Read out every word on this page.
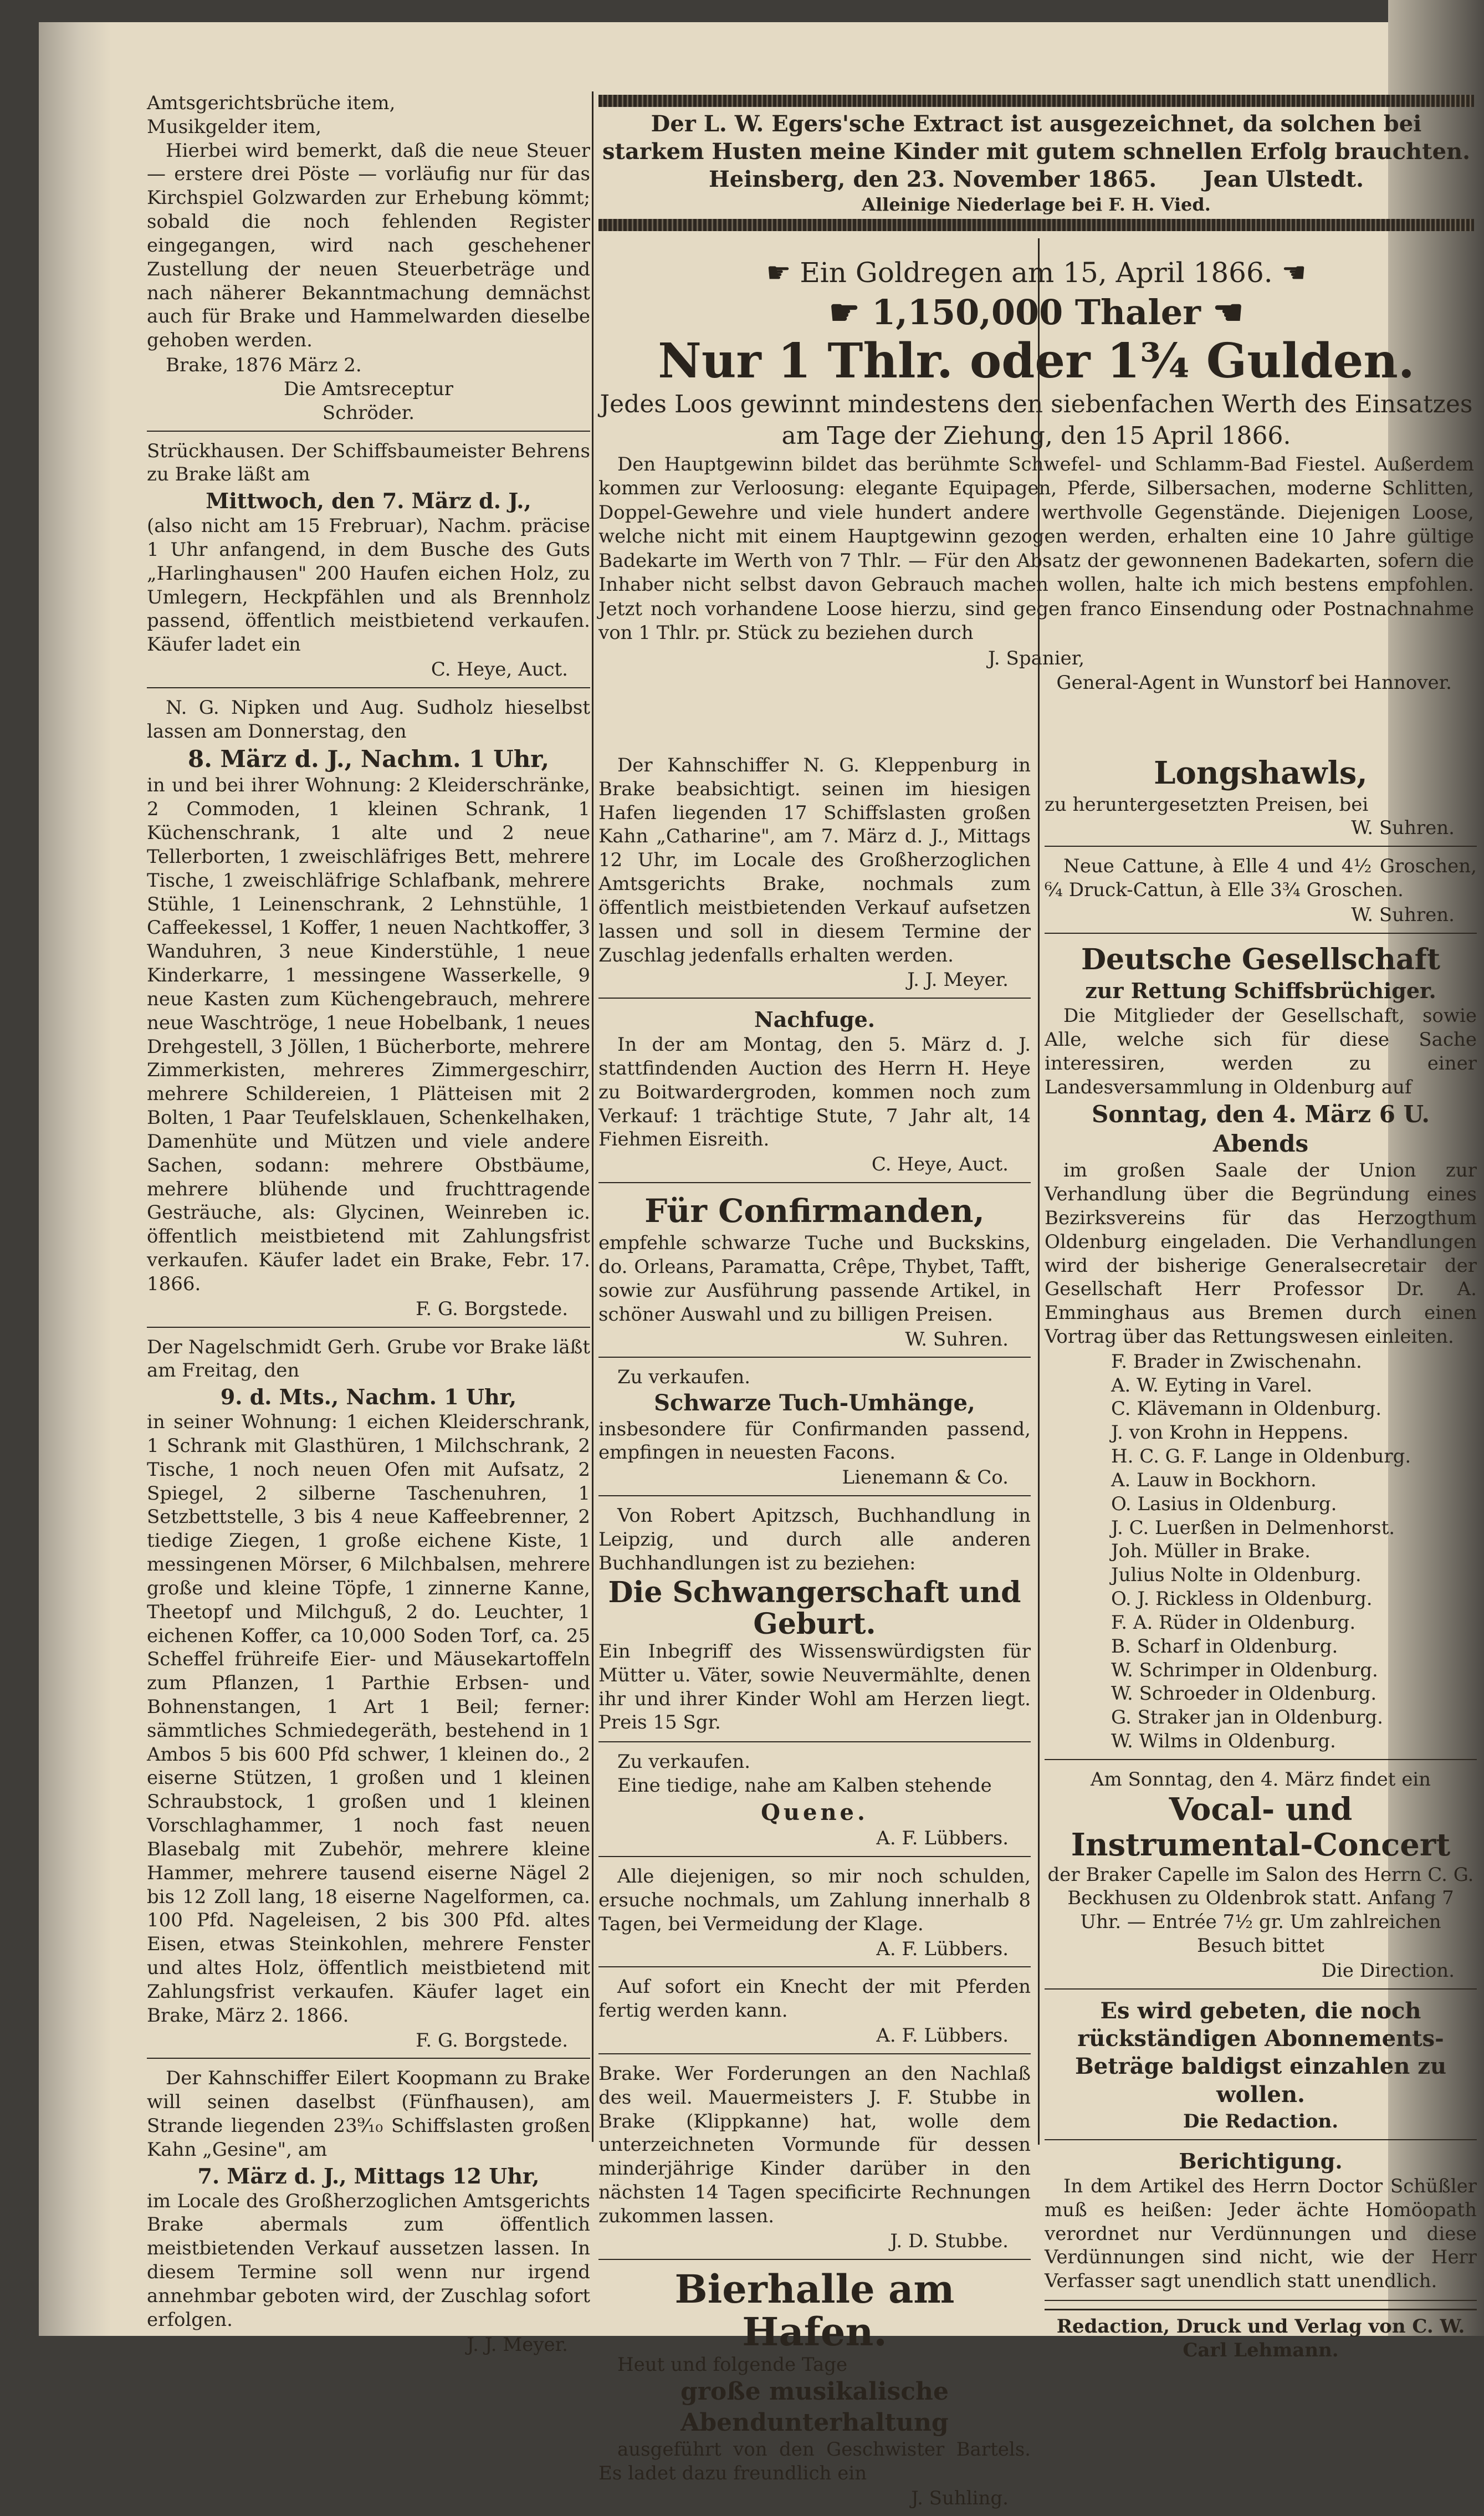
Der L. W. Egers'sche Extract ist ausgezeichnet, da solchen bei
starkem Husten meine Kinder mit gutem schnellen Erfolg brauchten.
Heinsberg, den 23. November 1865. Jean Ulstedt.
Alleinige Niederlage bei F. H. Vied.
Amtsgerichtsbrüche item,
Musikgelder item,

Hierbei wird bemerkt, daß die neue Steuer — erstere drei Pöste — vorläufig nur für das Kirchspiel Golzwarden zur Erhebung kömmt; sobald die noch fehlenden Register eingegangen, wird nach geschehener Zustellung der neuen Steuerbeträge und nach näherer Bekanntmachung demnächst auch für Brake und Hammelwarden dieselbe gehoben werden.

Brake, 1876 März 2.
Die Amtsreceptur
Schröder.

Strückhausen. Der Schiffsbaumeister Behrens zu Brake läßt am

Mittwoch, den 7. März d. J.,

(also nicht am 15 Frebruar), Nachm. präcise 1 Uhr anfangend, in dem Busche des Guts „Harlinghausen" 200 Haufen eichen Holz, zu Umlegern, Heckpfählen und als Brennholz passend, öffentlich meistbietend verkaufen. Käufer ladet ein

C. Heye, Auct.

N. G. Nipken und Aug. Sudholz hieselbst lassen am Donnerstag, den

8. März d. J., Nachm. 1 Uhr,

in und bei ihrer Wohnung: 2 Kleiderschränke, 2 Commoden, 1 kleinen Schrank, 1 Küchenschrank, 1 alte und 2 neue Tellerborten, 1 zweischläfriges Bett, mehrere Tische, 1 zweischläfrige Schlafbank, mehrere Stühle, 1 Leinenschrank, 2 Lehnstühle, 1 Caffeekessel, 1 Koffer, 1 neuen Nachtkoffer, 3 Wanduhren, 3 neue Kinderstühle, 1 neue Kinderkarre, 1 messingene Wasserkelle, 9 neue Kasten zum Küchengebrauch, mehrere neue Waschtröge, 1 neue Hobelbank, 1 neues Drehgestell, 3 Jöllen, 1 Bücherborte, mehrere Zimmerkisten, mehreres Zimmergeschirr, mehrere Schildereien, 1 Plätteisen mit 2 Bolten, 1 Paar Teufelsklauen, Schenkelhaken, Damenhüte und Mützen und viele andere Sachen, sodann: mehrere Obstbäume, mehrere blühende und fruchttragende Gesträuche, als: Glycinen, Weinreben ic. öffentlich meistbietend mit Zahlungsfrist verkaufen. Käufer ladet ein Brake, Febr. 17. 1866.

F. G. Borgstede.

Der Nagelschmidt Gerh. Grube vor Brake läßt am Freitag, den

9. d. Mts., Nachm. 1 Uhr,

in seiner Wohnung: 1 eichen Kleiderschrank, 1 Schrank mit Glasthüren, 1 Milchschrank, 2 Tische, 1 noch neuen Ofen mit Aufsatz, 2 Spiegel, 2 silberne Taschenuhren, 1 Setzbettstelle, 3 bis 4 neue Kaffeebrenner, 2 tiedige Ziegen, 1 große eichene Kiste, 1 messingenen Mörser, 6 Milchbalsen, mehrere große und kleine Töpfe, 1 zinnerne Kanne, Theetopf und Milchguß, 2 do. Leuchter, 1 eichenen Koffer, ca 10,000 Soden Torf, ca. 25 Scheffel frühreife Eier- und Mäusekartoffeln zum Pflanzen, 1 Parthie Erbsen- und Bohnenstangen, 1 Art 1 Beil; ferner: sämmtliches Schmiedegeräth, bestehend in 1 Ambos 5 bis 600 Pfd schwer, 1 kleinen do., 2 eiserne Stützen, 1 großen und 1 kleinen Schraubstock, 1 großen und 1 kleinen Vorschlaghammer, 1 noch fast neuen Blasebalg mit Zubehör, mehrere kleine Hammer, mehrere tausend eiserne Nägel 2 bis 12 Zoll lang, 18 eiserne Nagelformen, ca. 100 Pfd. Nageleisen, 2 bis 300 Pfd. altes Eisen, etwas Steinkohlen, mehrere Fenster und altes Holz, öffentlich meistbietend mit Zahlungsfrist verkaufen. Käufer laget ein Brake, März 2. 1866.

F. G. Borgstede.

Der Kahnschiffer Eilert Koopmann zu Brake will seinen daselbst (Fünfhausen), am Strande liegenden 23⁹⁄₁₀ Schiffslasten großen Kahn „Gesine", am

7. März d. J., Mittags 12 Uhr,

im Locale des Großherzoglichen Amtsgerichts Brake abermals zum öffentlich meistbietenden Verkauf aussetzen lassen. In diesem Termine soll wenn nur irgend annehmbar geboten wird, der Zuschlag sofort erfolgen.

J. J. Meyer.
☛ Ein Goldregen am 15, April 1866. ☚
☛ 1,150,000 Thaler ☚
Nur 1 Thlr. oder 1¾ Gulden.

Jedes Loos gewinnt mindestens den siebenfachen Werth des Einsatzes am Tage der Ziehung, den 15 April 1866.

Den Hauptgewinn bildet das berühmte Schwefel- und Schlamm-Bad Fiestel. Außerdem kommen zur Verloosung: elegante Equipagen, Pferde, Silbersachen, moderne Schlitten, Doppel-Gewehre und viele hundert andere werthvolle Gegenstände. Diejenigen Loose, welche nicht mit einem Hauptgewinn gezogen werden, erhalten eine 10 Jahre gültige Badekarte im Werth von 7 Thlr. — Für den Absatz der gewonnenen Badekarten, sofern die Inhaber nicht selbst davon Gebrauch machen wollen, halte ich mich bestens empfohlen. Jetzt noch vorhandene Loose hierzu, sind gegen franco Einsendung oder Postnachnahme von 1 Thlr. pr. Stück zu beziehen durch

J. Spanier,
General-Agent in Wunstorf bei Hannover.

Der Kahnschiffer N. G. Kleppenburg in Brake beabsichtigt. seinen im hiesigen Hafen liegenden 17 Schiffslasten großen Kahn „Catharine", am 7. März d. J., Mittags 12 Uhr, im Locale des Großherzoglichen Amtsgerichts Brake, nochmals zum öffentlich meistbietenden Verkauf aufsetzen lassen und soll in diesem Termine der Zuschlag jedenfalls erhalten werden.

J. J. Meyer.
Nachfuge.

In der am Montag, den 5. März d. J. stattfindenden Auction des Herrn H. Heye zu Boitwardergroden, kommen noch zum Verkauf: 1 trächtige Stute, 7 Jahr alt, 14 Fiehmen Eisreith.

C. Heye, Auct.
Für Confirmanden,

empfehle schwarze Tuche und Buckskins, do. Orleans, Paramatta, Crêpe, Thybet, Tafft, sowie zur Ausführung passende Artikel, in schöner Auswahl und zu billigen Preisen.

W. Suhren.
Zu verkaufen.
Schwarze Tuch-Umhänge,

insbesondere für Confirmanden passend, empfingen in neuesten Facons.

Lienemann & Co.

Von Robert Apitzsch, Buchhandlung in Leipzig, und durch alle anderen Buchhandlungen ist zu beziehen:

Die Schwangerschaft und Geburt.

Ein Inbegriff des Wissenswürdigsten für Mütter u. Väter, sowie Neuvermählte, denen ihr und ihrer Kinder Wohl am Herzen liegt. Preis 15 Sgr.

Zu verkaufen.

Eine tiedige, nahe am Kalben stehende

Quene.
A. F. Lübbers.

Alle diejenigen, so mir noch schulden, ersuche nochmals, um Zahlung innerhalb 8 Tagen, bei Vermeidung der Klage.

A. F. Lübbers.

Auf sofort ein Knecht der mit Pferden fertig werden kann.

A. F. Lübbers.

Brake. Wer Forderungen an den Nachlaß des weil. Mauermeisters J. F. Stubbe in Brake (Klippkanne) hat, wolle dem unterzeichneten Vormunde für dessen minderjährige Kinder darüber in den nächsten 14 Tagen specificirte Rechnungen zukommen lassen.

J. D. Stubbe.
Bierhalle am Hafen.
Heut und folgende Tage
große musikalische Abendunterhaltung

ausgeführt von den Geschwister Bartels. Es ladet dazu freundlich ein

J. Suhling.
Longshawls,
zu heruntergesetzten Preisen, bei
W. Suhren.

Neue Cattune, à Elle 4 und 4½ Groschen, ⁶⁄₄ Druck-Cattun, à Elle 3¾ Groschen.

W. Suhren.
Deutsche Gesellschaft
zur Rettung Schiffsbrüchiger.

Die Mitglieder der Gesellschaft, sowie Alle, welche sich für diese Sache interessiren, werden zu einer Landesversammlung in Oldenburg auf

Sonntag, den 4. März 6 U. Abends

im großen Saale der Union zur Verhandlung über die Begründung eines Bezirksvereins für das Herzogthum Oldenburg eingeladen. Die Verhandlungen wird der bisherige Generalsecretair der Gesellschaft Herr Professor Dr. A. Emminghaus aus Bremen durch einen Vortrag über das Rettungswesen einleiten.

F. Brader in Zwischenahn.
A. W. Eyting in Varel.
C. Klävemann in Oldenburg.
J. von Krohn in Heppens.
H. C. G. F. Lange in Oldenburg.
A. Lauw in Bockhorn.
O. Lasius in Oldenburg.
J. C. Luerßen in Delmenhorst.
Joh. Müller in Brake.
Julius Nolte in Oldenburg.
O. J. Rickless in Oldenburg.
F. A. Rüder in Oldenburg.
B. Scharf in Oldenburg.
W. Schrimper in Oldenburg.
W. Schroeder in Oldenburg.
G. Straker jan in Oldenburg.
W. Wilms in Oldenburg.
Am Sonntag, den 4. März findet ein
Vocal- und Instrumental-Concert

der Braker Capelle im Salon des Herrn C. G. Beckhusen zu Oldenbrok statt. Anfang 7 Uhr. — Entrée 7½ gr. Um zahlreichen Besuch bittet

Die Direction.

Es wird gebeten, die noch rückständigen Abonnements-Beträge baldigst einzahlen zu wollen.

Die Redaction.
Berichtigung.

In dem Artikel des Herrn Doctor Schüßler muß es heißen: Jeder ächte Homöopath verordnet nur Verdünnungen und diese Verdünnungen sind nicht, wie der Herr Verfasser sagt unendlich statt unendlich.

Redaction, Druck und Verlag von C. W. Carl Lehmann.
